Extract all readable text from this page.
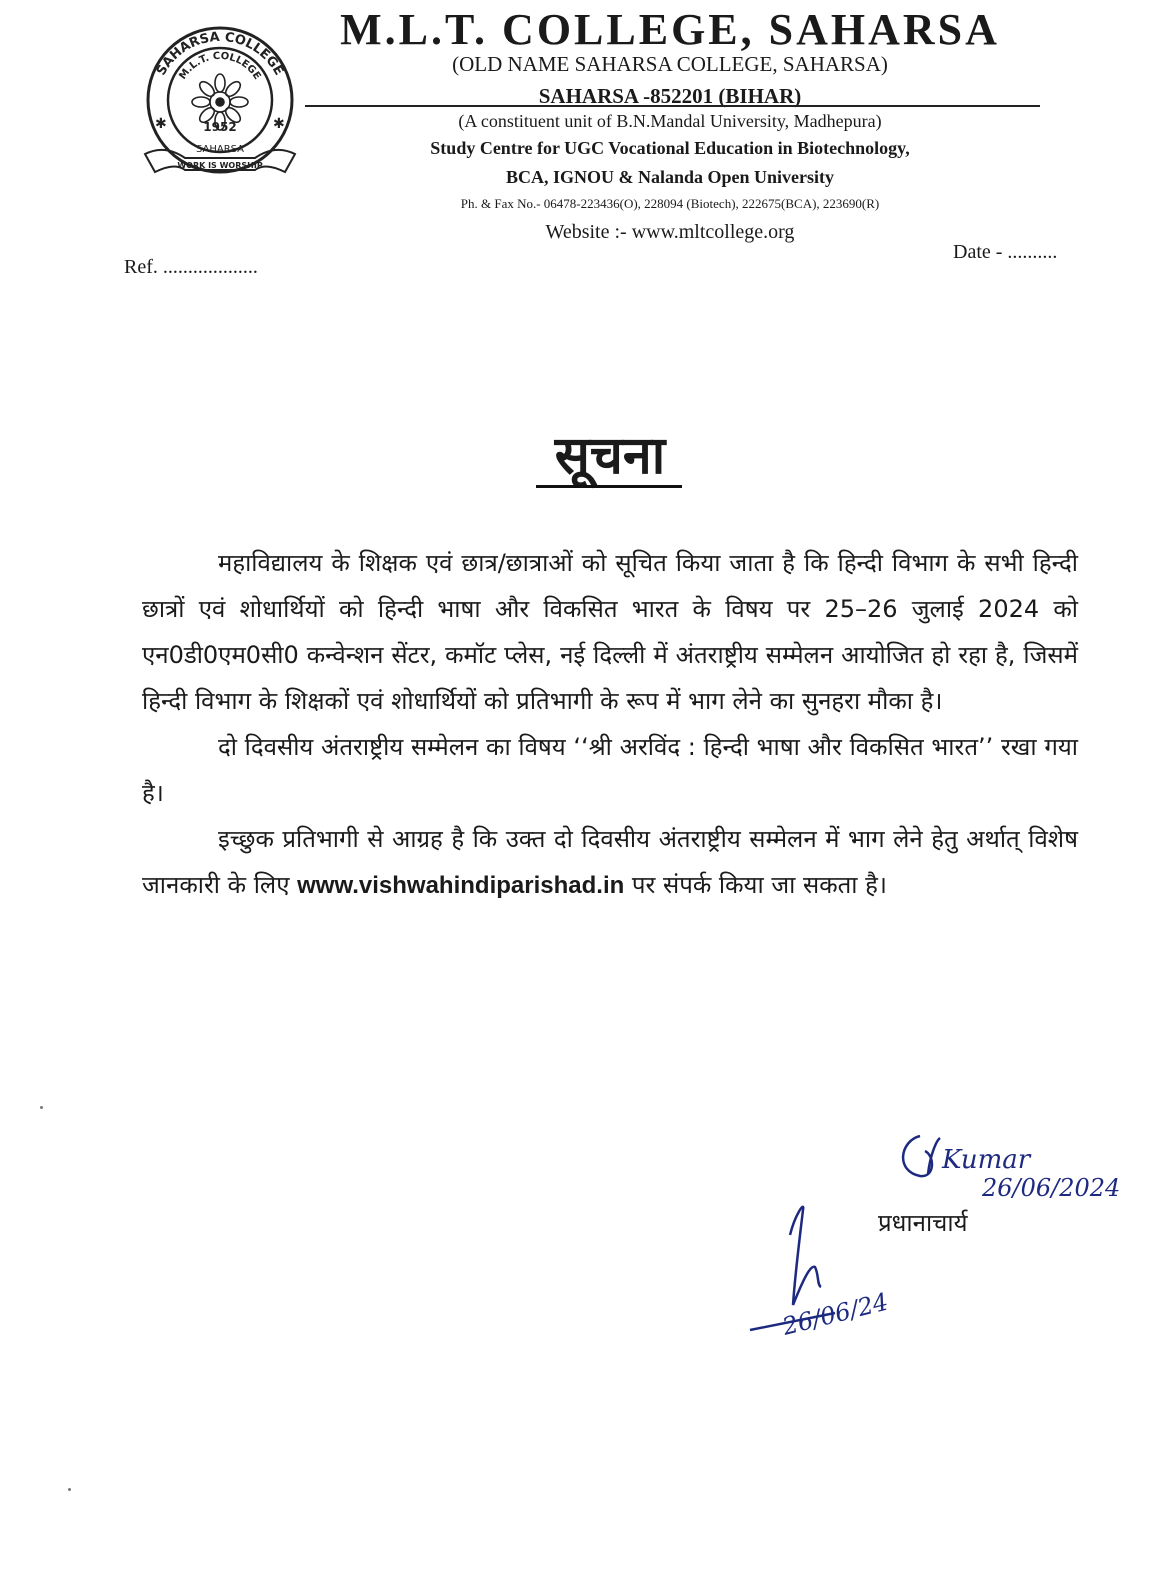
SAHARSA COLLEGE
M.L.T. COLLEGE
✱	✱
1952
SAHARSA
WORK IS WORSHIP
M.L.T. COLLEGE, SAHARSA
(OLD NAME SAHARSA COLLEGE, SAHARSA)
SAHARSA -852201 (BIHAR)
(A constituent unit of B.N.Mandal University, Madhepura)
Study Centre for UGC Vocational Education in Biotechnology,
BCA, IGNOU & Nalanda Open University
Ph. & Fax No.- 06478-223436(O), 228094 (Biotech), 222675(BCA), 223690(R)
Website :- www.mltcollege.org
Ref. ...................
Date - ..........
सूचना

महाविद्यालय के शिक्षक एवं छात्र/छात्राओं को सूचित किया जाता है कि हिन्दी विभाग के सभी हिन्दी छात्रों एवं शोधार्थियों को हिन्दी भाषा और विकसित भारत के विषय पर 25–26 जुलाई 2024 को एन0डी0एम0सी0 कन्वेन्शन सेंटर, कमॉट प्लेस, नई दिल्ली में अंतराष्ट्रीय सम्मेलन आयोजित हो रहा है, जिसमें हिन्दी विभाग के शिक्षकों एवं शोधार्थियों को प्रतिभागी के रूप में भाग लेने का सुनहरा मौका है।

दो दिवसीय अंतराष्ट्रीय सम्मेलन का विषय ‘‘श्री अरविंद : हिन्दी भाषा और विकसित भारत’’ रखा गया है।

इच्छुक प्रतिभागी से आग्रह है कि उक्त दो दिवसीय अंतराष्ट्रीय सम्मेलन में भाग लेने हेतु अर्थात् विशेष जानकारी के लिए www.vishwahindiparishad.in पर संपर्क किया जा सकता है।

Kumar
26/06/2024
प्रधानाचार्य
26/06/24
